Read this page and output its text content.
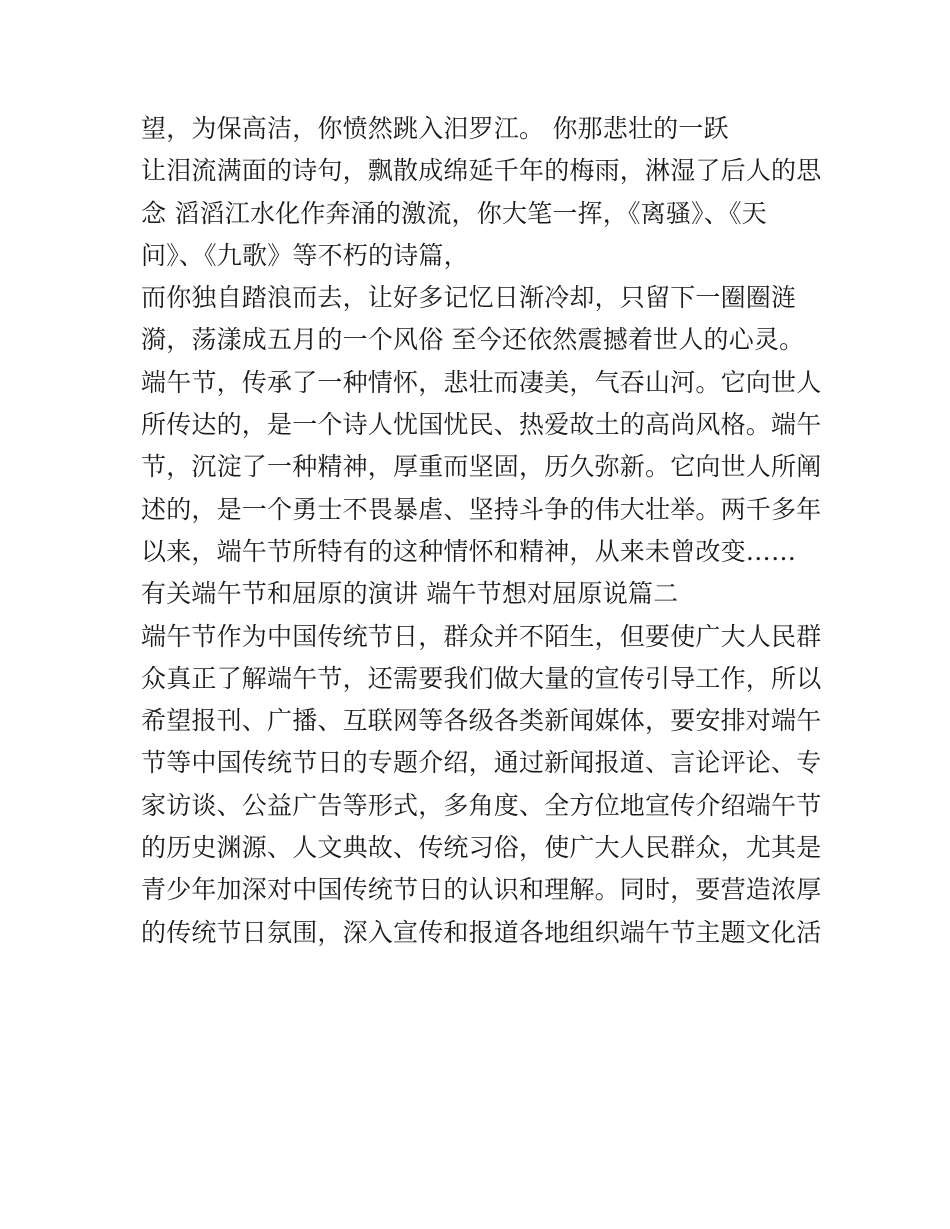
望，为保高洁，你愤然跳入汨罗江。 你那悲壮的一跃
让泪流满面的诗句，飘散成绵延千年的梅雨，淋湿了后人的思
念 滔滔江水化作奔涌的激流，你大笔一挥，《离骚》、《天
问》、《九歌》等不朽的诗篇，
而你独自踏浪而去，让好多记忆日渐冷却，只留下一圈圈涟
漪，荡漾成五月的一个风俗 至今还依然震撼着世人的心灵。
端午节，传承了一种情怀，悲壮而凄美，气吞山河。它向世人
所传达的，是一个诗人忧国忧民、热爱故土的高尚风格。端午
节，沉淀了一种精神，厚重而坚固，历久弥新。它向世人所阐
述的，是一个勇士不畏暴虐、坚持斗争的伟大壮举。两千多年
以来，端午节所特有的这种情怀和精神，从来未曾改变……
有关端午节和屈原的演讲 端午节想对屈原说篇二
端午节作为中国传统节日，群众并不陌生，但要使广大人民群
众真正了解端午节，还需要我们做大量的宣传引导工作，所以
希望报刊、广播、互联网等各级各类新闻媒体，要安排对端午
节等中国传统节日的专题介绍，通过新闻报道、言论评论、专
家访谈、公益广告等形式，多角度、全方位地宣传介绍端午节
的历史渊源、人文典故、传统习俗，使广大人民群众，尤其是
青少年加深对中国传统节日的认识和理解。同时，要营造浓厚
的传统节日氛围，深入宣传和报道各地组织端午节主题文化活
